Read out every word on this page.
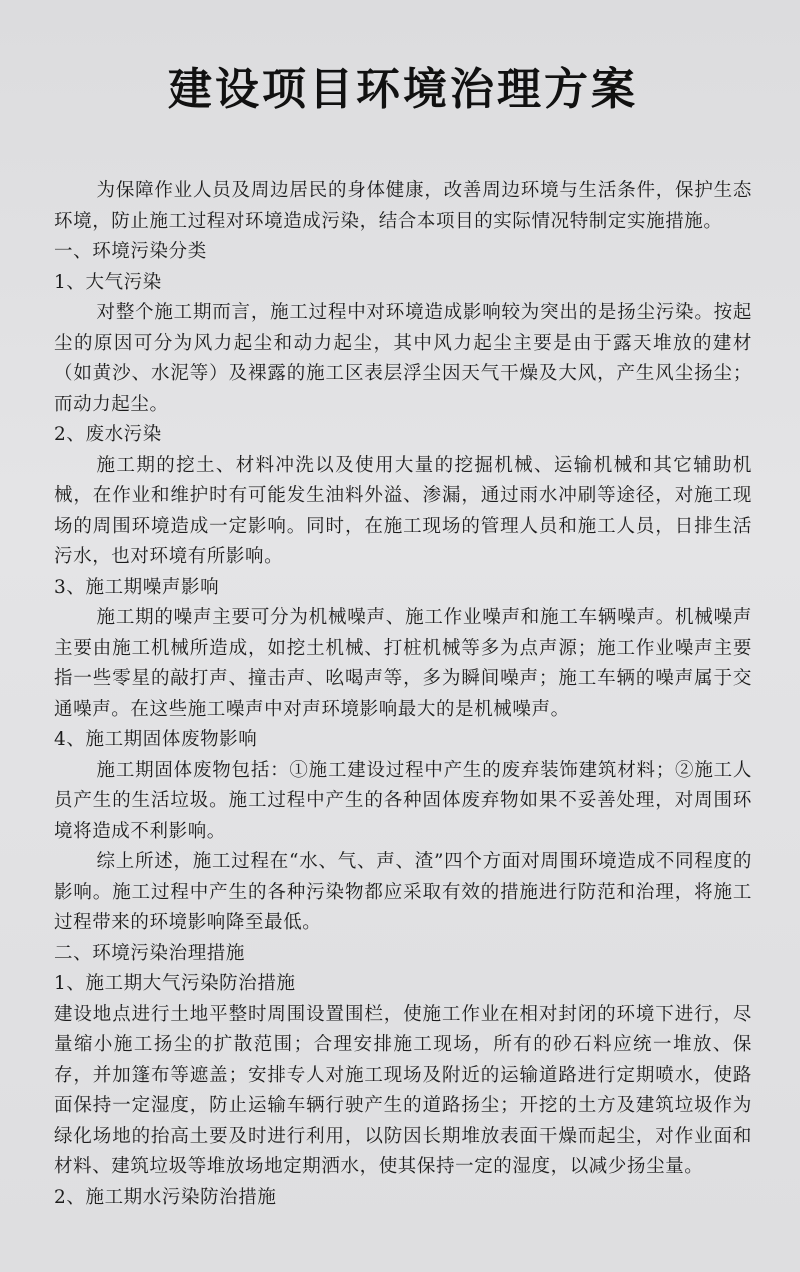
建设项目环境治理方案

为保障作业人员及周边居民的身体健康，改善周边环境与生活条件，保护生态环境，防止施工过程对环境造成污染，结合本项目的实际情况特制定实施措施。

一、环境污染分类

1、大气污染

对整个施工期而言，施工过程中对环境造成影响较为突出的是扬尘污染。按起尘的原因可分为风力起尘和动力起尘，其中风力起尘主要是由于露天堆放的建材（如黄沙、水泥等）及裸露的施工区表层浮尘因天气干燥及大风，产生风尘扬尘；而动力起尘。

2、废水污染

施工期的挖土、材料冲洗以及使用大量的挖掘机械、运输机械和其它辅助机械，在作业和维护时有可能发生油料外溢、渗漏，通过雨水冲刷等途径，对施工现场的周围环境造成一定影响。同时，在施工现场的管理人员和施工人员，日排生活污水，也对环境有所影响。

3、施工期噪声影响

施工期的噪声主要可分为机械噪声、施工作业噪声和施工车辆噪声。机械噪声主要由施工机械所造成，如挖土机械、打桩机械等多为点声源；施工作业噪声主要指一些零星的敲打声、撞击声、吆喝声等，多为瞬间噪声；施工车辆的噪声属于交通噪声。在这些施工噪声中对声环境影响最大的是机械噪声。

4、施工期固体废物影响

施工期固体废物包括：①施工建设过程中产生的废弃装饰建筑材料；②施工人员产生的生活垃圾。施工过程中产生的各种固体废弃物如果不妥善处理，对周围环境将造成不利影响。

综上所述，施工过程在“水、气、声、渣”四个方面对周围环境造成不同程度的影响。施工过程中产生的各种污染物都应采取有效的措施进行防范和治理，将施工过程带来的环境影响降至最低。

二、环境污染治理措施

1、施工期大气污染防治措施

建设地点进行土地平整时周围设置围栏，使施工作业在相对封闭的环境下进行，尽量缩小施工扬尘的扩散范围；合理安排施工现场，所有的砂石料应统一堆放、保存，并加篷布等遮盖；安排专人对施工现场及附近的运输道路进行定期喷水，使路面保持一定湿度，防止运输车辆行驶产生的道路扬尘；开挖的土方及建筑垃圾作为绿化场地的抬高土要及时进行利用，以防因长期堆放表面干燥而起尘，对作业面和材料、建筑垃圾等堆放场地定期洒水，使其保持一定的湿度，以减少扬尘量。

2、施工期水污染防治措施
